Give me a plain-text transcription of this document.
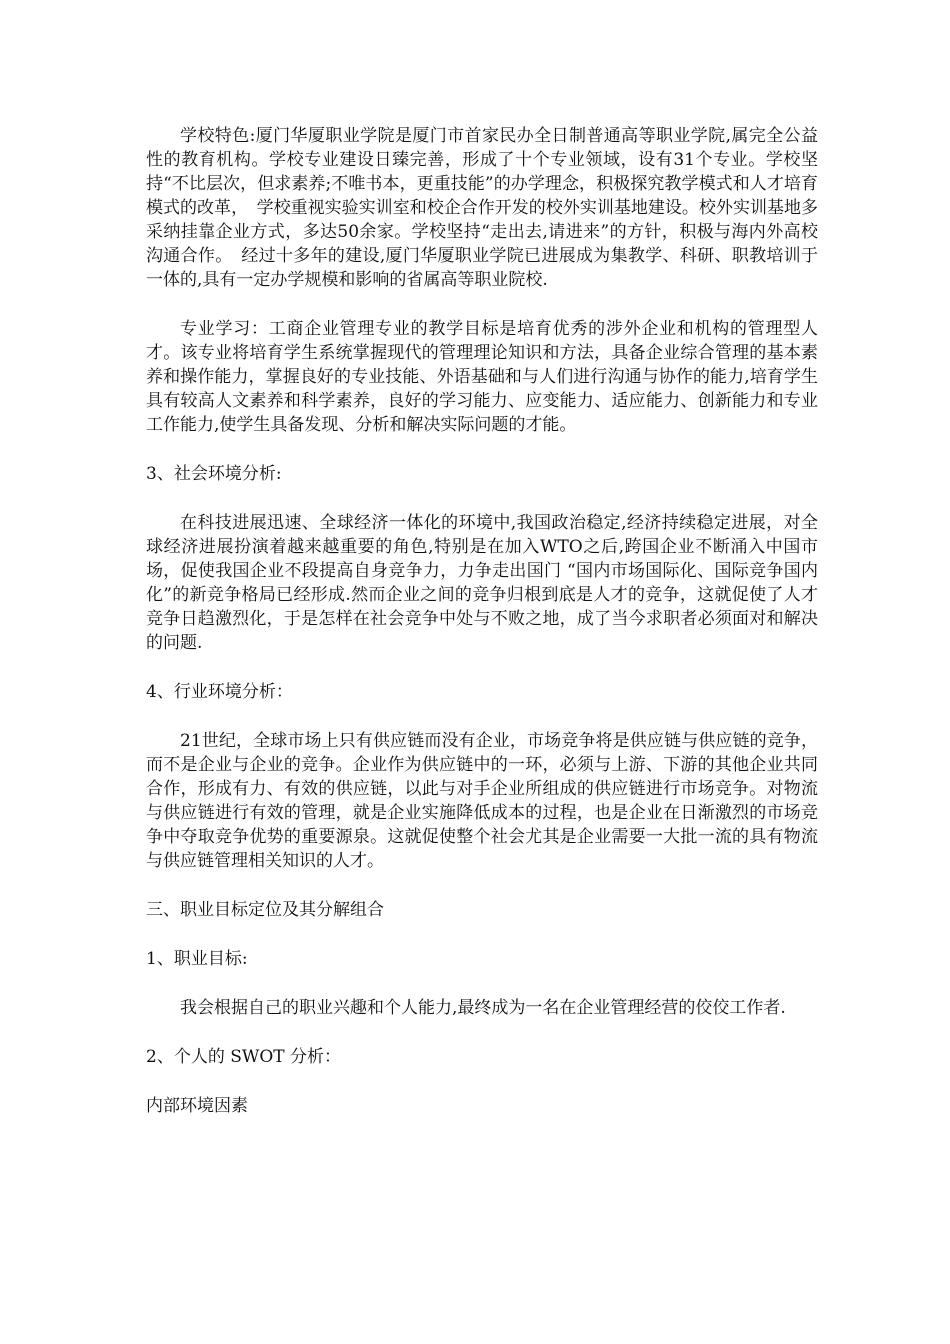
学校特色:厦门华厦职业学院是厦门市首家民办全日制普通高等职业学院,属完全公益性的教育机构。学校专业建设日臻完善，形成了十个专业领域，设有31个专业。学校坚持“不比层次，但求素养;不唯书本，更重技能”的办学理念，积极探究教学模式和人才培育模式的改革，　学校重视实验实训室和校企合作开发的校外实训基地建设。校外实训基地多采纳挂靠企业方式，多达50余家。学校坚持“走出去,请进来”的方针，积极与海内外高校沟通合作。　经过十多年的建设,厦门华厦职业学院已进展成为集教学、科研、职教培训于一体的,具有一定办学规模和影响的省属高等职业院校.

专业学习：工商企业管理专业的教学目标是培育优秀的涉外企业和机构的管理型人才。该专业将培育学生系统掌握现代的管理理论知识和方法，具备企业综合管理的基本素养和操作能力，掌握良好的专业技能、外语基础和与人们进行沟通与协作的能力,培育学生具有较高人文素养和科学素养，良好的学习能力、应变能力、适应能力、创新能力和专业工作能力,使学生具备发现、分析和解决实际问题的才能。

3、社会环境分析:

在科技进展迅速、全球经济一体化的环境中,我国政治稳定,经济持续稳定进展，对全球经济进展扮演着越来越重要的角色,特别是在加入WTO之后,跨国企业不断涌入中国市场，促使我国企业不段提高自身竞争力，力争走出国门 “国内市场国际化、国际竞争国内化”的新竞争格局已经形成.然而企业之间的竞争归根到底是人才的竞争，这就促使了人才竞争日趋激烈化，于是怎样在社会竞争中处与不败之地，成了当今求职者必须面对和解决的问题.

4、行业环境分析：

21世纪，全球市场上只有供应链而没有企业，市场竞争将是供应链与供应链的竞争，而不是企业与企业的竞争。企业作为供应链中的一环，必须与上游、下游的其他企业共同合作，形成有力、有效的供应链，以此与对手企业所组成的供应链进行市场竞争。对物流与供应链进行有效的管理，就是企业实施降低成本的过程，也是企业在日渐激烈的市场竞争中夺取竞争优势的重要源泉。这就促使整个社会尤其是企业需要一大批一流的具有物流与供应链管理相关知识的人才。

三、职业目标定位及其分解组合

1、职业目标:

我会根据自己的职业兴趣和个人能力,最终成为一名在企业管理经营的佼佼工作者.

2、个人的 SWOT 分析：

内部环境因素
